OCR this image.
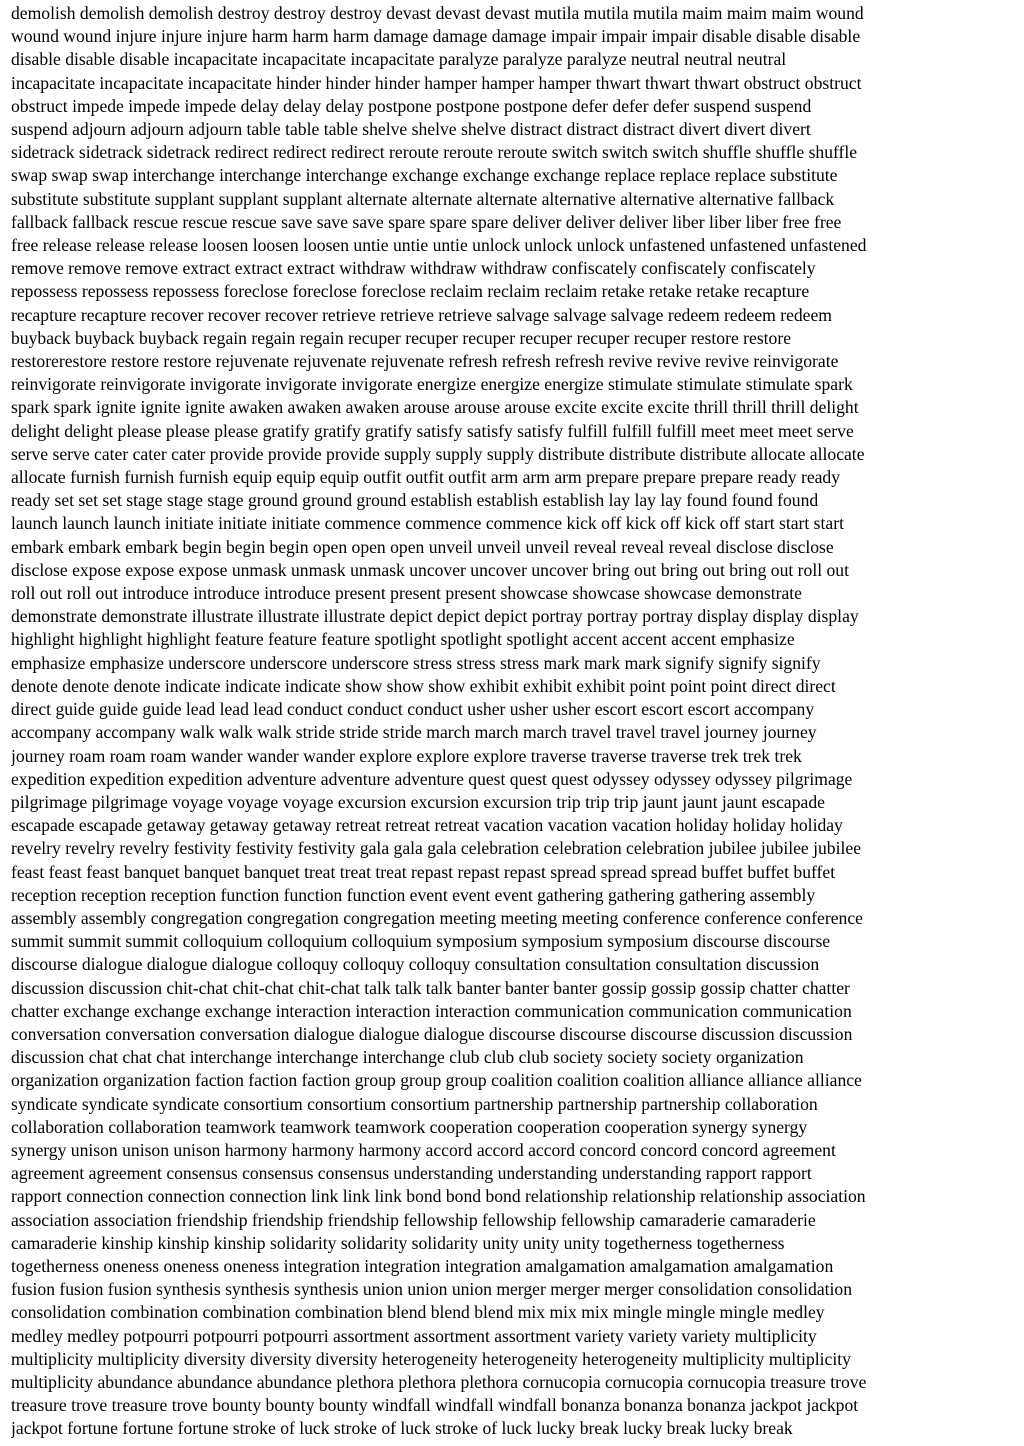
demolish demolish demolish destroy destroy destroy devast devast devast mutila mutila mutila maim maim maim wound
wound wound injure injure injure harm harm harm damage damage damage impair impair impair disable disable disable
disable disable disable incapacitate incapacitate incapacitate paralyze paralyze paralyze neutral neutral neutral
incapacitate incapacitate incapacitate hinder hinder hinder hamper hamper hamper thwart thwart thwart obstruct obstruct
obstruct impede impede impede delay delay delay postpone postpone postpone defer defer defer suspend suspend
suspend adjourn adjourn adjourn table table table shelve shelve shelve distract distract distract divert divert divert
sidetrack sidetrack sidetrack redirect redirect redirect reroute reroute reroute switch switch switch shuffle shuffle shuffle
swap swap swap interchange interchange interchange exchange exchange exchange replace replace replace substitute
substitute substitute supplant supplant supplant alternate alternate alternate alternative alternative alternative fallback
fallback fallback rescue rescue rescue save save save spare spare spare deliver deliver deliver liber liber liber free free
free release release release loosen loosen loosen untie untie untie unlock unlock unlock unfastened unfastened unfastened
remove remove remove extract extract extract withdraw withdraw withdraw confiscately confiscately confiscately
repossess repossess repossess foreclose foreclose foreclose reclaim reclaim reclaim retake retake retake recapture
recapture recapture recover recover recover retrieve retrieve retrieve salvage salvage salvage redeem redeem redeem
buyback buyback buyback regain regain regain recuper recuper recuper recuper recuper recuper restore restore
restorerestore restore restore rejuvenate rejuvenate rejuvenate refresh refresh refresh revive revive revive reinvigorate
reinvigorate reinvigorate invigorate invigorate invigorate energize energize energize stimulate stimulate stimulate spark
spark spark ignite ignite ignite awaken awaken awaken arouse arouse arouse excite excite excite thrill thrill thrill delight
delight delight please please please gratify gratify gratify satisfy satisfy satisfy fulfill fulfill fulfill meet meet meet serve
serve serve cater cater cater provide provide provide supply supply supply distribute distribute distribute allocate allocate
allocate furnish furnish furnish equip equip equip outfit outfit outfit arm arm arm prepare prepare prepare ready ready
ready set set set stage stage stage ground ground ground establish establish establish lay lay lay found found found
launch launch launch initiate initiate initiate commence commence commence kick off kick off kick off start start start
embark embark embark begin begin begin open open open unveil unveil unveil reveal reveal reveal disclose disclose
disclose expose expose expose unmask unmask unmask uncover uncover uncover bring out bring out bring out roll out
roll out roll out introduce introduce introduce present present present showcase showcase showcase demonstrate
demonstrate demonstrate illustrate illustrate illustrate depict depict depict portray portray portray display display display
highlight highlight highlight feature feature feature spotlight spotlight spotlight accent accent accent emphasize
emphasize emphasize underscore underscore underscore stress stress stress mark mark mark signify signify signify
denote denote denote indicate indicate indicate show show show exhibit exhibit exhibit point point point direct direct
direct guide guide guide lead lead lead conduct conduct conduct usher usher usher escort escort escort accompany
accompany accompany walk walk walk stride stride stride march march march travel travel travel journey journey
journey roam roam roam wander wander wander explore explore explore traverse traverse traverse trek trek trek
expedition expedition expedition adventure adventure adventure quest quest quest odyssey odyssey odyssey pilgrimage
pilgrimage pilgrimage voyage voyage voyage excursion excursion excursion trip trip trip jaunt jaunt jaunt escapade
escapade escapade getaway getaway getaway retreat retreat retreat vacation vacation vacation holiday holiday holiday
revelry revelry revelry festivity festivity festivity gala gala gala celebration celebration celebration jubilee jubilee jubilee
feast feast feast banquet banquet banquet treat treat treat repast repast repast spread spread spread buffet buffet buffet
reception reception reception function function function event event event gathering gathering gathering assembly
assembly assembly congregation congregation congregation meeting meeting meeting conference conference conference
summit summit summit colloquium colloquium colloquium symposium symposium symposium discourse discourse
discourse dialogue dialogue dialogue colloquy colloquy colloquy consultation consultation consultation discussion
discussion discussion chit-chat chit-chat chit-chat talk talk talk banter banter banter gossip gossip gossip chatter chatter
chatter exchange exchange exchange interaction interaction interaction communication communication communication
conversation conversation conversation dialogue dialogue dialogue discourse discourse discourse discussion discussion
discussion chat chat chat interchange interchange interchange club club club society society society organization
organization organization faction faction faction group group group coalition coalition coalition alliance alliance alliance
syndicate syndicate syndicate consortium consortium consortium partnership partnership partnership collaboration
collaboration collaboration teamwork teamwork teamwork cooperation cooperation cooperation synergy synergy
synergy unison unison unison harmony harmony harmony accord accord accord concord concord concord agreement
agreement agreement consensus consensus consensus understanding understanding understanding rapport rapport
rapport connection connection connection link link link bond bond bond relationship relationship relationship association
association association friendship friendship friendship fellowship fellowship fellowship camaraderie camaraderie
camaraderie kinship kinship kinship solidarity solidarity solidarity unity unity unity togetherness togetherness
togetherness oneness oneness oneness integration integration integration amalgamation amalgamation amalgamation
fusion fusion fusion synthesis synthesis synthesis union union union merger merger merger consolidation consolidation
consolidation combination combination combination blend blend blend mix mix mix mingle mingle mingle medley
medley medley potpourri potpourri potpourri assortment assortment assortment variety variety variety multiplicity
multiplicity multiplicity diversity diversity diversity heterogeneity heterogeneity heterogeneity multiplicity multiplicity
multiplicity abundance abundance abundance plethora plethora plethora cornucopia cornucopia cornucopia treasure trove
treasure trove treasure trove bounty bounty bounty windfall windfall windfall bonanza bonanza bonanza jackpot jackpot
jackpot fortune fortune fortune stroke of luck stroke of luck stroke of luck lucky break lucky break lucky break
